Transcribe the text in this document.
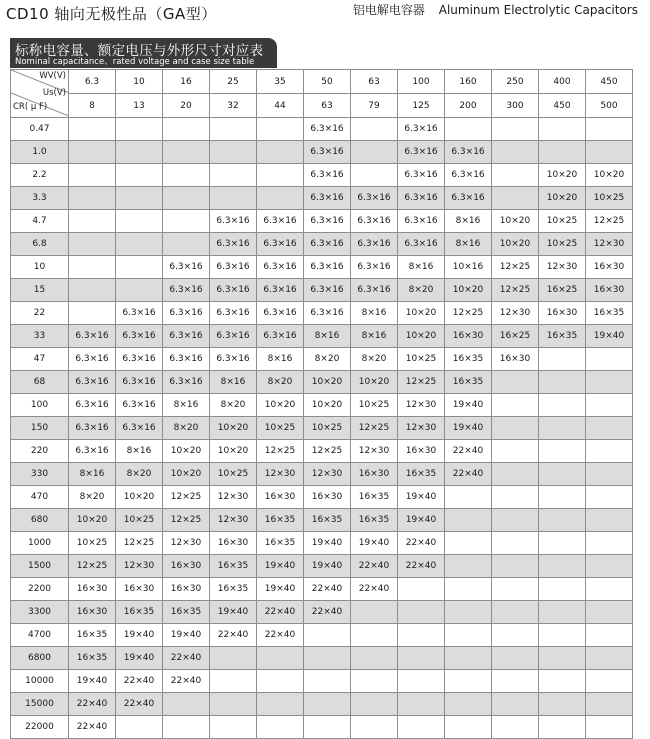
CD10 轴向无极性品（GA型）	铝电解电容器 Aluminum Electrolytic Capacitors
标称电容量、额定电压与外形尺寸对应表
Nominal capacitance、rated voltage and case size table
WV(V)
Us(V)
CR( μ F)	6.3	10	16	25	35	50	63	100	160	250	400	450
	8	13	20	32	44	63	79	125	200	300	450	500
0.47						6.3×16		6.3×16				
1.0						6.3×16		6.3×16	6.3×16			
2.2						6.3×16		6.3×16	6.3×16		10×20	10×20
3.3						6.3×16	6.3×16	6.3×16	6.3×16		10×20	10×25
4.7				6.3×16	6.3×16	6.3×16	6.3×16	6.3×16	8×16	10×20	10×25	12×25
6.8				6.3×16	6.3×16	6.3×16	6.3×16	6.3×16	8×16	10×20	10×25	12×30
10			6.3×16	6.3×16	6.3×16	6.3×16	6.3×16	8×16	10×16	12×25	12×30	16×30
15			6.3×16	6.3×16	6.3×16	6.3×16	6.3×16	8×20	10×20	12×25	16×25	16×30
22		6.3×16	6.3×16	6.3×16	6.3×16	6.3×16	8×16	10×20	12×25	12×30	16×30	16×35
33	6.3×16	6.3×16	6.3×16	6.3×16	6.3×16	8×16	8×16	10×20	16×30	16×25	16×35	19×40
47	6.3×16	6.3×16	6.3×16	6.3×16	8×16	8×20	8×20	10×25	16×35	16×30		
68	6.3×16	6.3×16	6.3×16	8×16	8×20	10×20	10×20	12×25	16×35			
100	6.3×16	6.3×16	8×16	8×20	10×20	10×20	10×25	12×30	19×40			
150	6.3×16	6.3×16	8×20	10×20	10×25	10×25	12×25	12×30	19×40			
220	6.3×16	8×16	10×20	10×20	12×25	12×25	12×30	16×30	22×40			
330	8×16	8×20	10×20	10×25	12×30	12×30	16×30	16×35	22×40			
470	8×20	10×20	12×25	12×30	16×30	16×30	16×35	19×40				
680	10×20	10×25	12×25	12×30	16×35	16×35	16×35	19×40				
1000	10×25	12×25	12×30	16×30	16×35	19×40	19×40	22×40				
1500	12×25	12×30	16×30	16×35	19×40	19×40	22×40	22×40				
2200	16×30	16×30	16×30	16×35	19×40	22×40	22×40					
3300	16×30	16×35	16×35	19×40	22×40	22×40						
4700	16×35	19×40	19×40	22×40	22×40							
6800	16×35	19×40	22×40									
10000	19×40	22×40	22×40									
15000	22×40	22×40										
22000	22×40											
